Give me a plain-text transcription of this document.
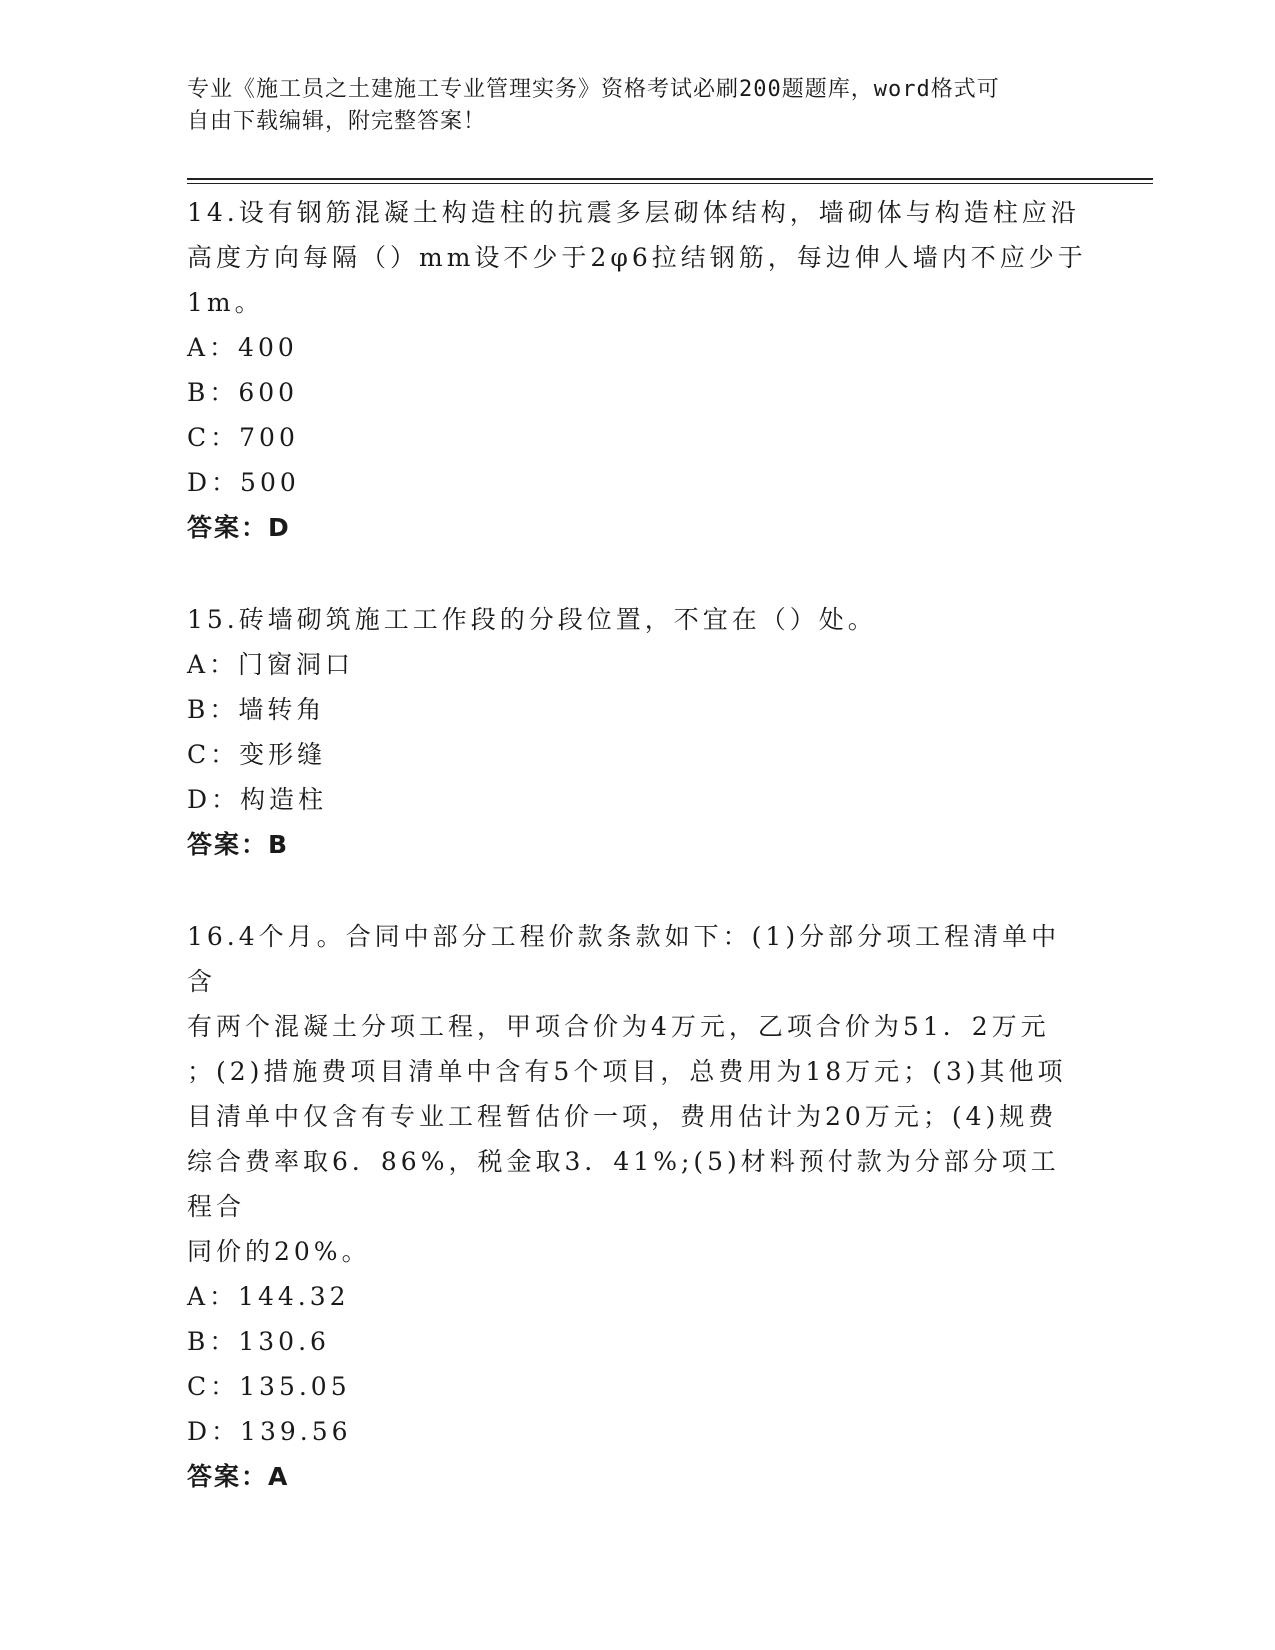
专业《施工员之土建施工专业管理实务》资格考试必刷200题题库，word格式可
自由下载编辑，附完整答案！

14.设有钢筋混凝土构造柱的抗震多层砌体结构，墙砌体与构造柱应沿

高度方向每隔（）mm设不少于2φ6拉结钢筋，每边伸人墙内不应少于

1m。

A：400

B：600

C：700

D：500

答案：D

15.砖墙砌筑施工工作段的分段位置，不宜在（）处。

A：门窗洞口

B：墙转角

C：变形缝

D：构造柱

答案：B

16.4个月。合同中部分工程价款条款如下：(1)分部分项工程清单中含

有两个混凝土分项工程，甲项合价为4万元，乙项合价为51．2万元

；(2)措施费项目清单中含有5个项目，总费用为18万元；(3)其他项

目清单中仅含有专业工程暂估价一项，费用估计为20万元；(4)规费

综合费率取6．86%，税金取3．41%;(5)材料预付款为分部分项工程合

同价的20%。

A：144.32

B：130.6

C：135.05

D：139.56

答案：A
